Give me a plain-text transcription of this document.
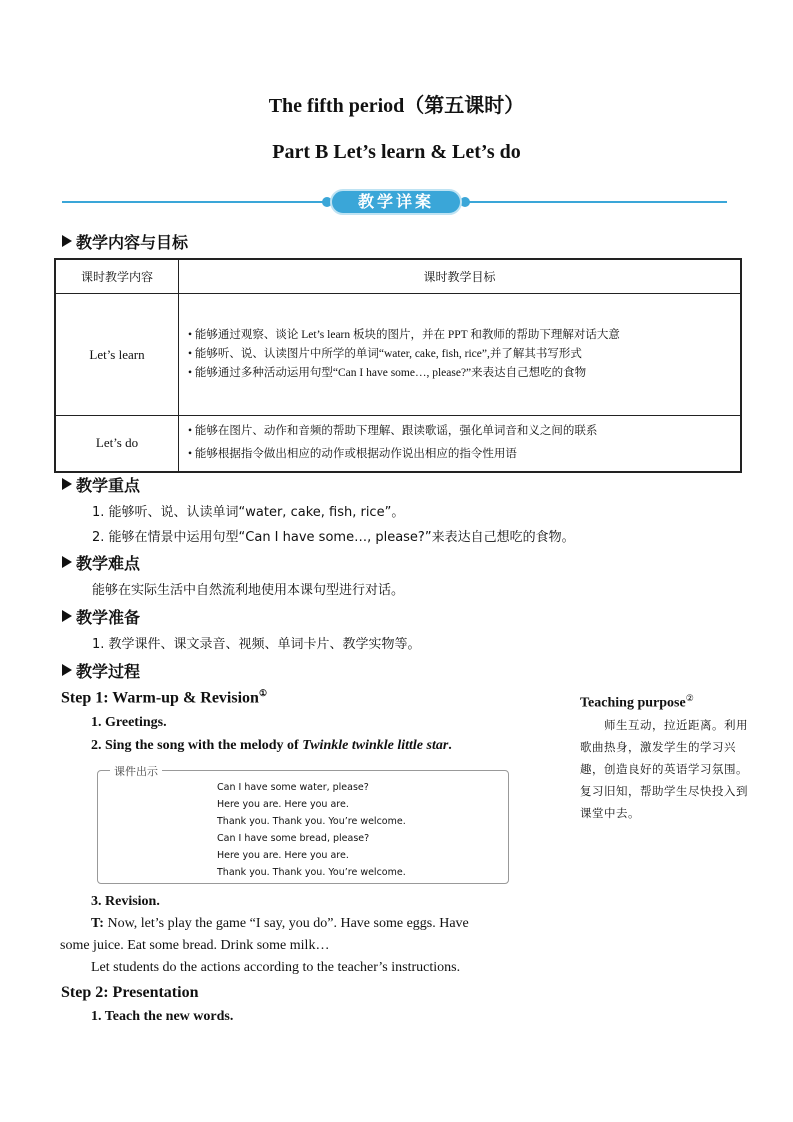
The fifth period（第五课时）
Part B Let’s learn & Let’s do
教学详案
教学内容与目标
课时教学内容	课时教学目标
Let’s learn	• 能够通过观察、谈论 Let’s learn 板块的图片，并在 PPT 和教师的帮助下理解对话大意
• 能够听、说、认读图片中所学的单词“water, cake, fish, rice”,并了解其书写形式
• 能够通过多种活动运用句型“Can I have some…, please?”来表达自己想吃的食物

Let’s do	• 能够在图片、动作和音频的帮助下理解、跟读歌谣，强化单词音和义之间的联系
• 能够根据指令做出相应的动作或根据动作说出相应的指令性用语
教学重点
1. 能够听、说、认读单词“water, cake, fish, rice”。
2. 能够在情景中运用句型“Can I have some…, please?”来表达自己想吃的食物。
教学难点
能够在实际生活中自然流利地使用本课句型进行对话。
教学准备
1. 教学课件、课文录音、视频、单词卡片、教学实物等。
教学过程
Step 1: Warm-up & Revision①
1. Greetings.
2. Sing the song with the melody of Twinkle twinkle little star.
课件出示
Can I have some water, please?
Here you are. Here you are.
Thank you. Thank you. You’re welcome.
Can I have some bread, please?
Here you are. Here you are.
Thank you. Thank you. You’re welcome.
3. Revision.
T: Now, let’s play the game “I say, you do”. Have some eggs. Have
some juice. Eat some bread. Drink some milk…
Let students do the actions according to the teacher’s instructions.
Step 2: Presentation
1. Teach the new words.
Teaching purpose②
师生互动，拉近距离。利用歌曲热身，激发学生的学习兴趣，创造良好的英语学习氛围。复习旧知，帮助学生尽快投入到课堂中去。
